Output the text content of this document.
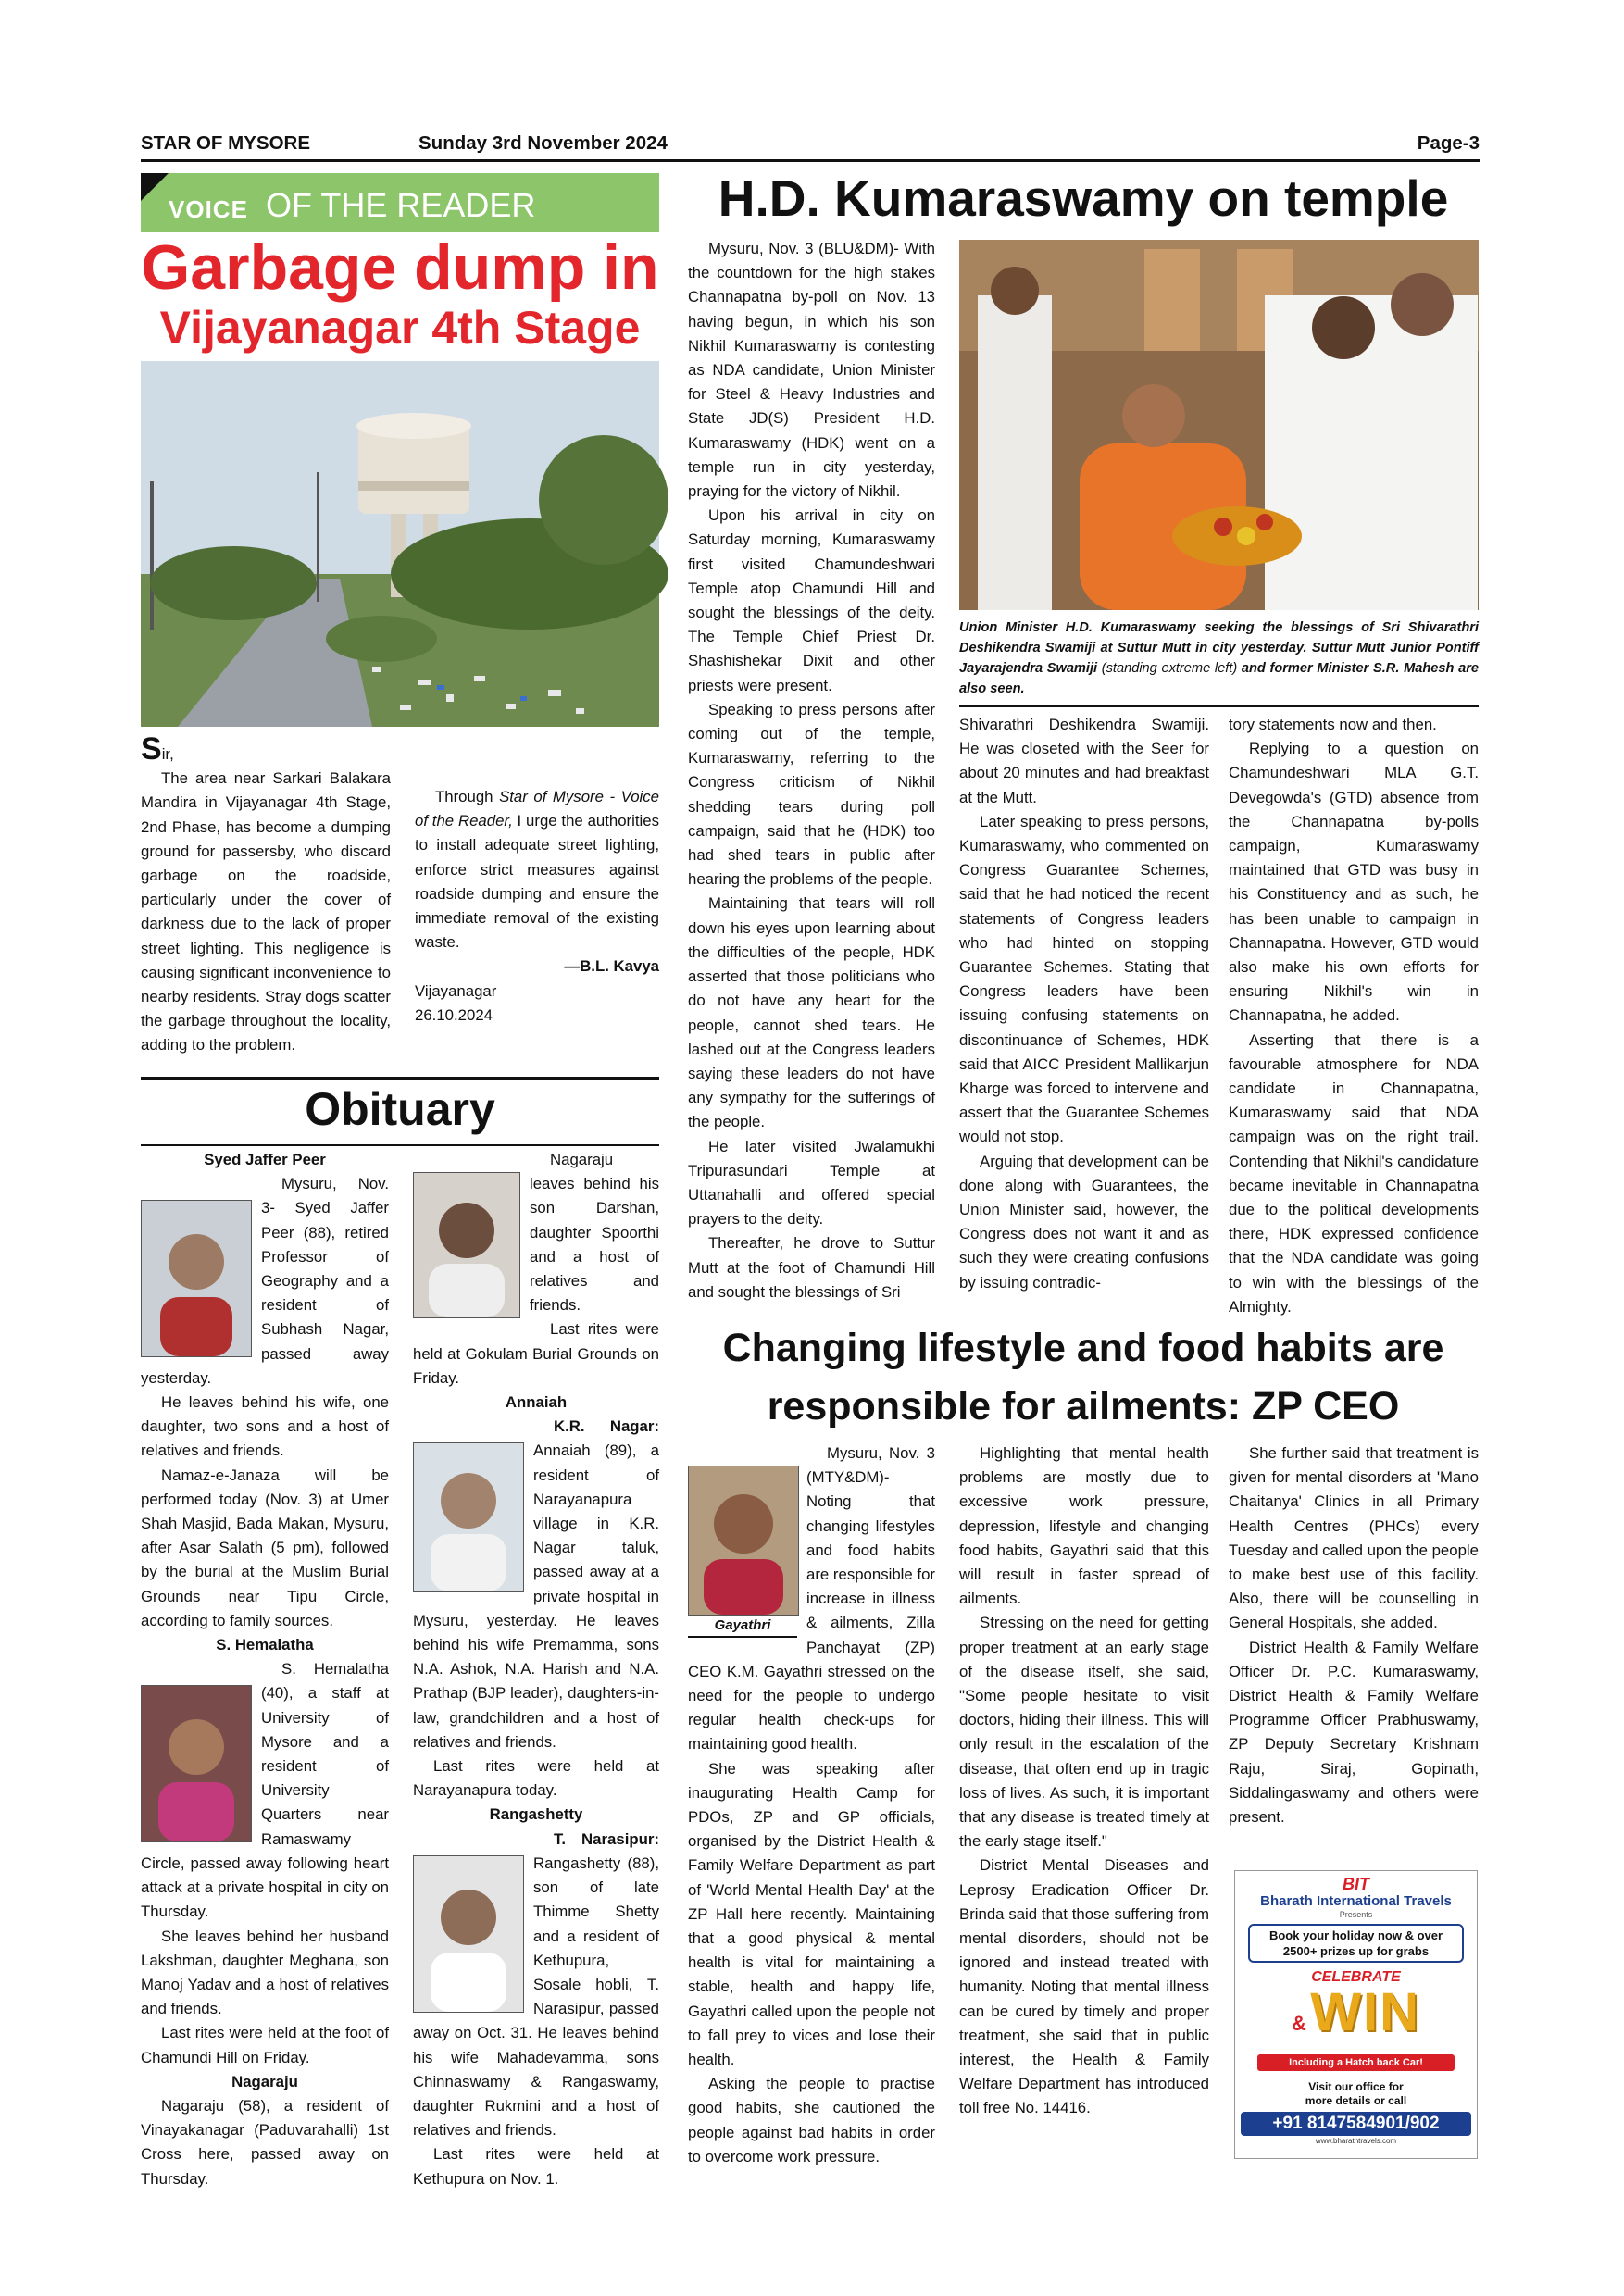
STAR OF MYSORE	Sunday 3rd November 2024	Page-3
VOICE OF THE READER
Garbage dump in
Vijayanagar 4th Stage

Sir,

The area near Sarkari Balakara Mandira in Vijayanagar 4th Stage, 2nd Phase, has become a dumping ground for passersby, who discard garbage on the roadside, particularly under the cover of darkness due to the lack of proper street lighting. This negligence is causing significant inconvenience to nearby residents. Stray dogs scatter the garbage throughout the locality, adding to the problem.

Through Star of Mysore - Voice of the Reader, I urge the authorities to install adequate street lighting, enforce strict measures against roadside dumping and ensure the immediate removal of the existing waste.

—B.L. Kavya

Vijayanagar

26.10.2024

Obituary

Syed Jaffer Peer

Mysuru, Nov. 3- Syed Jaffer Peer (88), retired Professor of Geography and a resident of Subhash Nagar, passed away yesterday.

He leaves behind his wife, one daughter, two sons and a host of relatives and friends.

Namaz-e-Janaza will be performed today (Nov. 3) at Umer Shah Masjid, Bada Makan, Mysuru, after Asar Salath (5 pm), followed by the burial at the Muslim Burial Grounds near Tipu Circle, according to family sources.

S. Hemalatha

S. Hemalatha (40), a staff at University of Mysore and a resident of University Quarters near Ramaswamy Circle, passed away following heart attack at a private hospital in city on Thursday.

She leaves behind her husband Lakshman, daughter Meghana, son Manoj Yadav and a host of relatives and friends.

Last rites were held at the foot of Chamundi Hill on Friday.

Nagaraju

Nagaraju (58), a resident of Vinayakanagar (Paduvarahalli) 1st Cross here, passed away on Thursday.

Nagaraju leaves behind his son Darshan, daughter Spoorthi and a host of relatives and friends.

Last rites were held at Gokulam Burial Grounds on Friday.

Annaiah

K.R. Nagar: Annaiah (89), a resident of Narayanapura village in K.R. Nagar taluk, passed away at a private hospital in Mysuru, yesterday. He leaves behind his wife Premamma, sons N.A. Ashok, N.A. Harish and N.A. Prathap (BJP leader), daughters-in-law, grandchildren and a host of relatives and friends.

Last rites were held at Narayanapura today.

Rangashetty

T. Narasipur: Rangashetty (88), son of late Thimme Shetty and a resident of Kethupura, Sosale hobli, T. Narasipur, passed away on Oct. 31. He leaves behind his wife Mahadevamma, sons Chinnaswamy & Rangaswamy, daughter Rukmini and a host of relatives and friends.

Last rites were held at Kethupura on Nov. 1.

H.D. Kumaraswamy on temple

Mysuru, Nov. 3 (BLU&DM)- With the countdown for the high stakes Channapatna by-poll on Nov. 13 having begun, in which his son Nikhil Kumaraswamy is contesting as NDA candidate, Union Minister for Steel & Heavy Industries and State JD(S) President H.D. Kumaraswamy (HDK) went on a temple run in city yesterday, praying for the victory of Nikhil.

Upon his arrival in city on Saturday morning, Kumaraswamy first visited Chamundeshwari Temple atop Chamundi Hill and sought the blessings of the deity. The Temple Chief Priest Dr. Shashishekar Dixit and other priests were present.

Speaking to press persons after coming out of the temple, Kumaraswamy, referring to the Congress criticism of Nikhil shedding tears during poll campaign, said that he (HDK) too had shed tears in public after hearing the problems of the people.

Maintaining that tears will roll down his eyes upon learning about the difficulties of the people, HDK asserted that those politicians who do not have any heart for the people, cannot shed tears. He lashed out at the Congress leaders saying these leaders do not have any sympathy for the sufferings of the people.

He later visited Jwalamukhi Tripurasundari Temple at Uttanahalli and offered special prayers to the deity.

Thereafter, he drove to Suttur Mutt at the foot of Chamundi Hill and sought the blessings of Sri

Union Minister H.D. Kumaraswamy seeking the blessings of Sri Shivarathri Deshikendra Swamiji at Suttur Mutt in city yesterday. Suttur Mutt Junior Pontiff Jayarajendra Swamiji (standing extreme left) and former Minister S.R. Mahesh are also seen.

Shivarathri Deshikendra Swamiji. He was closeted with the Seer for about 20 minutes and had breakfast at the Mutt.

Later speaking to press persons, Kumaraswamy, who commented on Congress Guarantee Schemes, said that he had noticed the recent statements of Congress leaders who had hinted on stopping Guarantee Schemes. Stating that Congress leaders have been issuing confusing statements on discontinuance of Schemes, HDK said that AICC President Mallikarjun Kharge was forced to intervene and assert that the Guarantee Schemes would not stop.

Arguing that development can be done along with Guarantees, the Union Minister said, however, the Congress does not want it and as such they were creating confusions by issuing contradic-

tory statements now and then.

Replying to a question on Chamundeshwari MLA G.T. Devegowda's (GTD) absence from the Channapatna by-polls campaign, Kumaraswamy maintained that GTD was busy in his Constituency and as such, he has been unable to campaign in Channapatna. However, GTD would also make his own efforts for ensuring Nikhil's win in Channapatna, he added.

Asserting that there is a favourable atmosphere for NDA candidate in Channapatna, Kumaraswamy said that NDA campaign was on the right trail. Contending that Nikhil's candidature became inevitable in Channapatna due to the political developments there, HDK expressed confidence that the NDA candidate was going to win with the blessings of the Almighty.

Changing lifestyle and food habits are
responsible for ailments: ZP CEO
Gayathri

Mysuru, Nov. 3 (MTY&DM)- Noting that changing lifestyles and food habits are responsible for increase in illness & ailments, Zilla Panchayat (ZP) CEO K.M. Gayathri stressed on the need for the people to undergo regular health check-ups for maintaining good health.

She was speaking after inaugurating Health Camp for PDOs, ZP and GP officials, organised by the District Health & Family Welfare Department as part of 'World Mental Health Day' at the ZP Hall here recently. Maintaining that a good physical & mental health is vital for maintaining a stable, health and happy life, Gayathri called upon the people not to fall prey to vices and lose their health.

Asking the people to practise good habits, she cautioned the people against bad habits in order to overcome work pressure.

Highlighting that mental health problems are mostly due to excessive work pressure, depression, lifestyle and changing food habits, Gayathri said that this will result in faster spread of ailments.

Stressing on the need for getting proper treatment at an early stage of the disease itself, she said, "Some people hesitate to visit doctors, hiding their illness. This will only result in the escalation of the disease, that often end up in tragic loss of lives. As such, it is important that any disease is treated timely at the early stage itself."

District Mental Diseases and Leprosy Eradication Officer Dr. Brinda said that those suffering from mental disorders, should not be ignored and instead treated with humanity. Noting that mental illness can be cured by timely and proper treatment, she said that in public interest, the Health & Family Welfare Department has introduced toll free No. 14416.

She further said that treatment is given for mental disorders at 'Mano Chaitanya' Clinics in all Primary Health Centres (PHCs) every Tuesday and called upon the people to make best use of this facility. Also, there will be counselling in General Hospitals, she added.

District Health & Family Welfare Officer Dr. P.C. Kumaraswamy, District Health & Family Welfare Programme Officer Prabhuswamy, ZP Deputy Secretary Krishnam Raju, Siraj, Gopinath, Siddalingaswamy and others were present.

BIT
Bharath International Travels
Presents
Book your holiday now & over
2500+ prizes up for grabs
CELEBRATE
& WIN
Including a Hatch back Car!
Visit our office for
more details or call
+91 8147584901/902
www.bharathtravels.com
